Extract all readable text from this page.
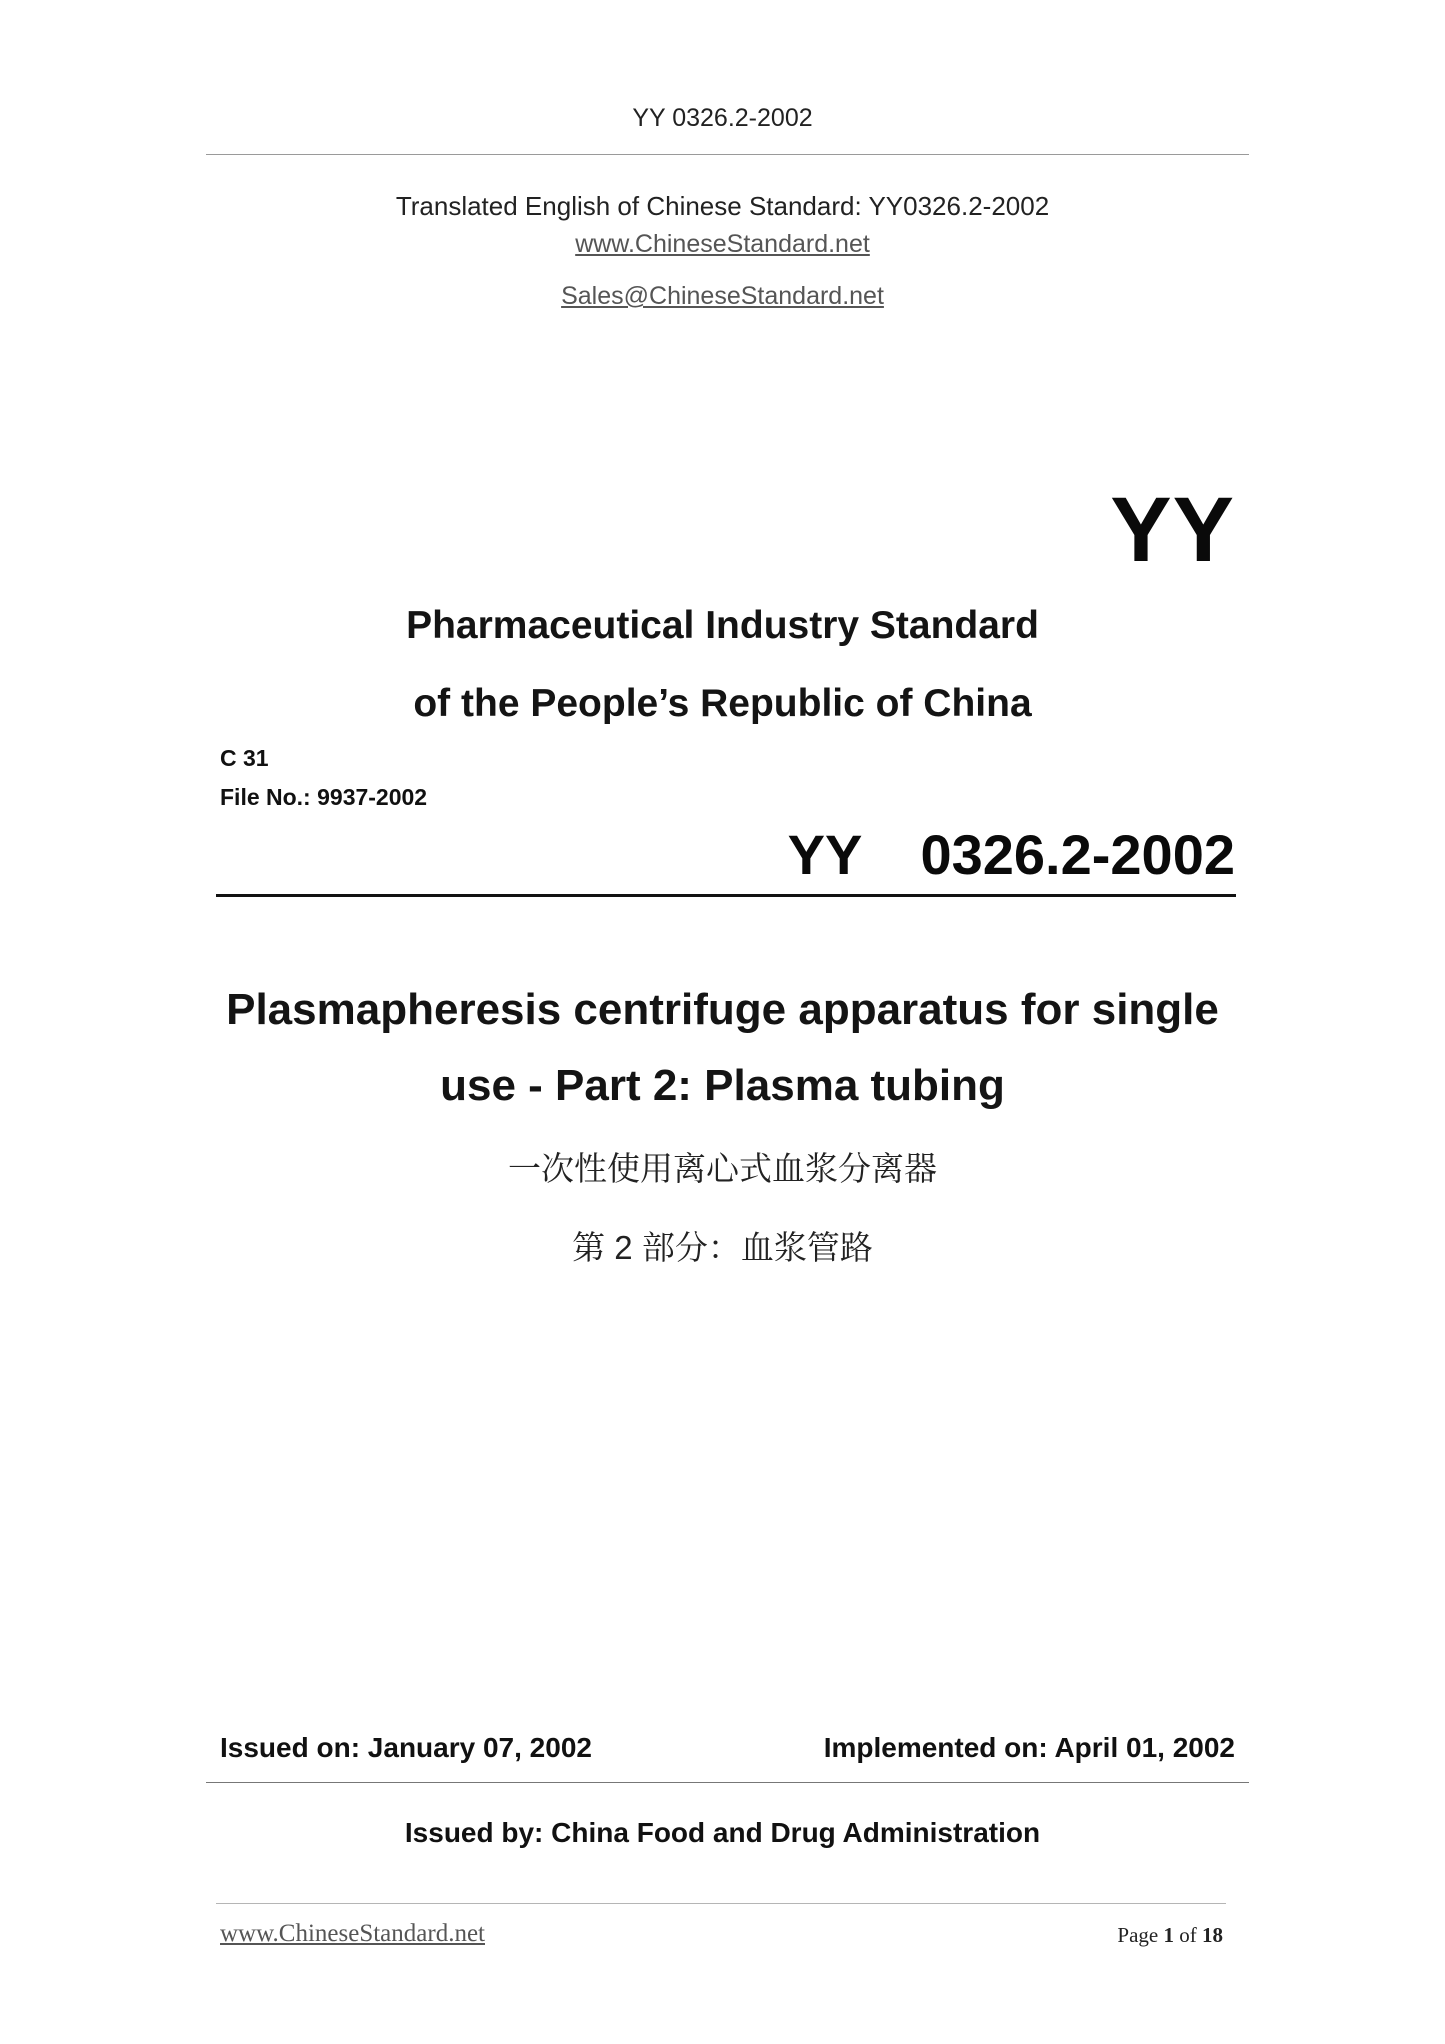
YY 0326.2-2002
Translated English of Chinese Standard: YY0326.2-2002
www.ChineseStandard.net
Sales@ChineseStandard.net
YY
Pharmaceutical Industry Standard
of the People’s Republic of China
C 31
File No.: 9937-2002
YY  0326.2-2002
Plasmapheresis centrifuge apparatus for single
use - Part 2: Plasma tubing
一次性使用离心式血浆分离器
第 2 部分：血浆管路
Issued on: January 07, 2002	Implemented on: April 01, 2002
Issued by: China Food and Drug Administration
www.ChineseStandard.net	Page 1 of 18
